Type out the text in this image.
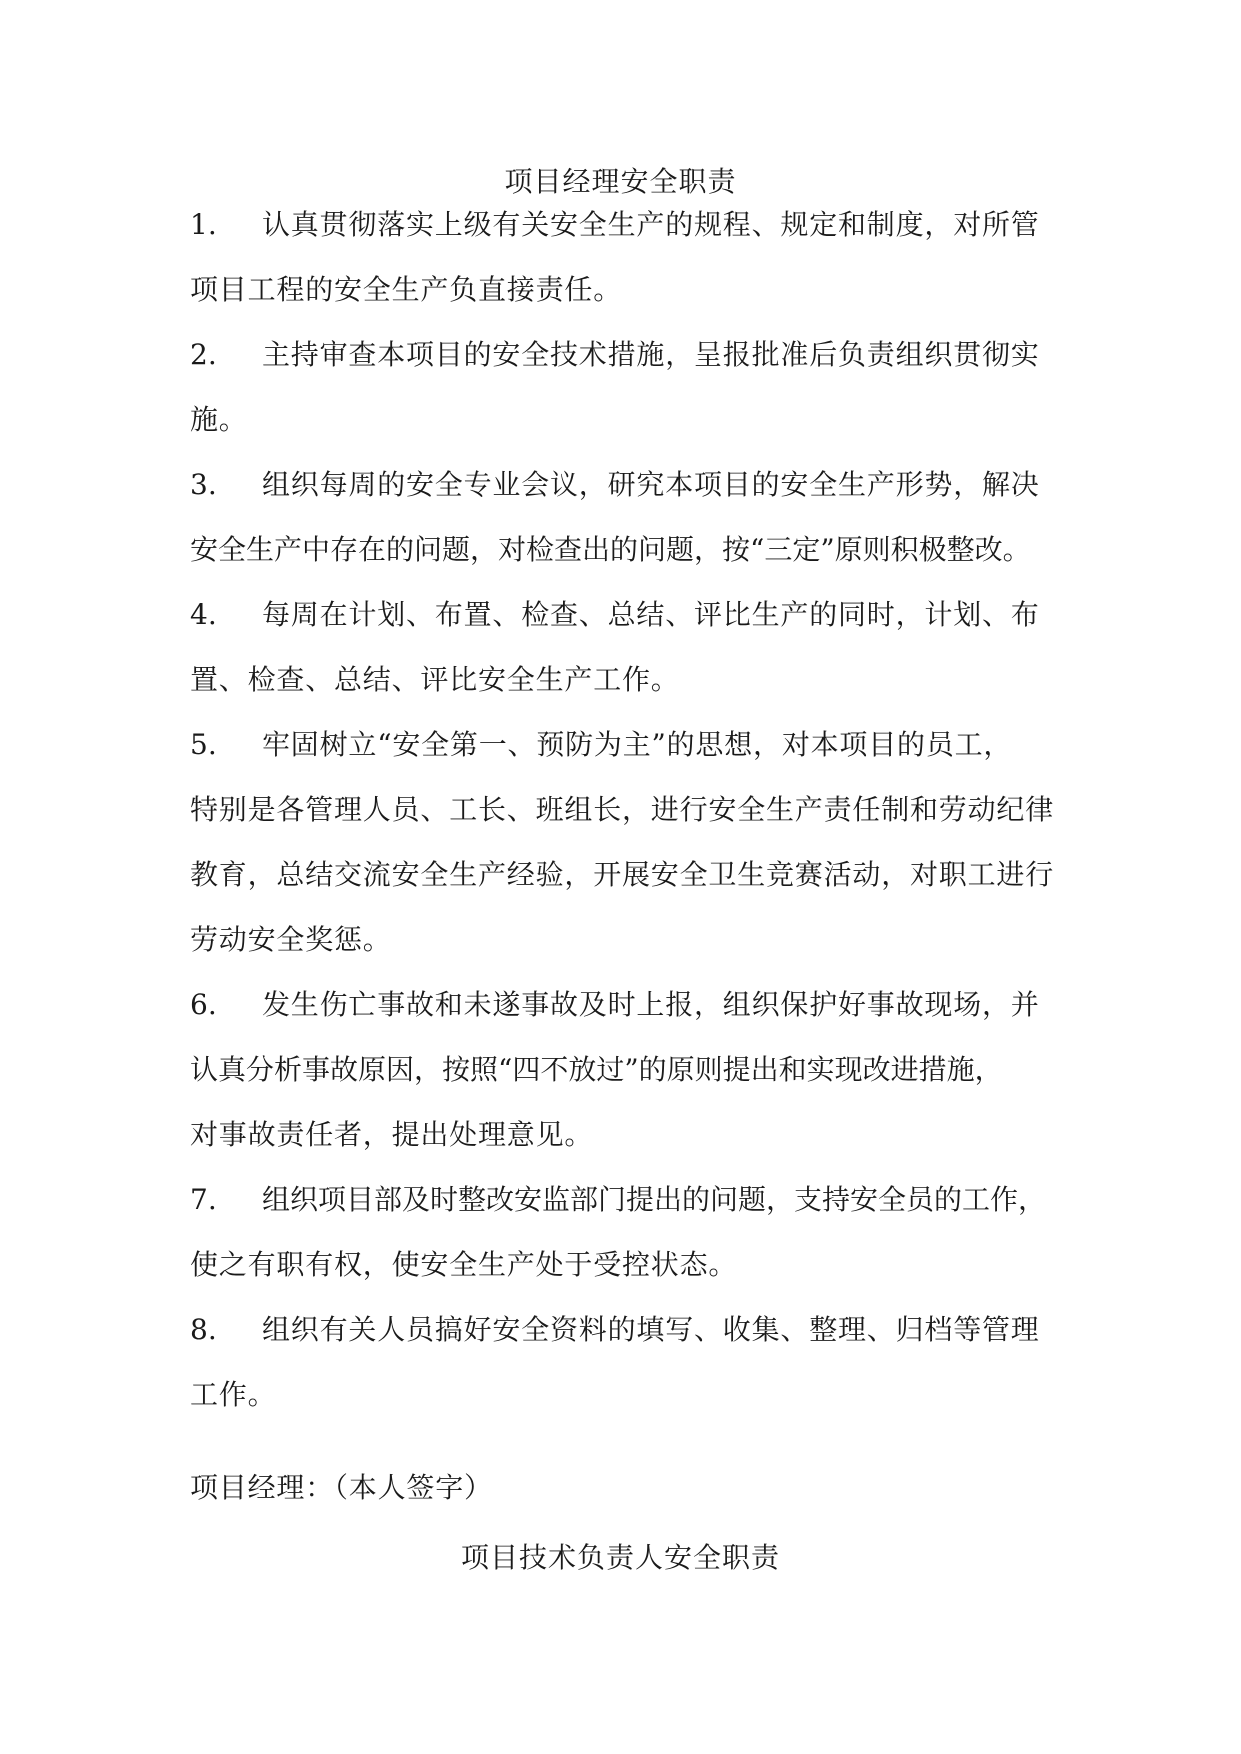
项目经理安全职责
1.	认真贯彻落实上级有关安全生产的规程、规定和制度，对所管
项目工程的安全生产负直接责任。
2.	主持审查本项目的安全技术措施，呈报批准后负责组织贯彻实
施。
3.	组织每周的安全专业会议，研究本项目的安全生产形势，解决
安全生产中存在的问题，对检查出的问题，按“三定”原则积极整改。
4.	每周在计划、布置、检查、总结、评比生产的同时，计划、布
置、检查、总结、评比安全生产工作。
5.	牢固树立“安全第一、预防为主”的思想，对本项目的员工，
特别是各管理人员、工长、班组长，进行安全生产责任制和劳动纪律
教育，总结交流安全生产经验，开展安全卫生竞赛活动，对职工进行
劳动安全奖惩。
6.	发生伤亡事故和未遂事故及时上报，组织保护好事故现场，并
认真分析事故原因，按照“四不放过”的原则提出和实现改进措施，
对事故责任者，提出处理意见。
7.	组织项目部及时整改安监部门提出的问题，支持安全员的工作，
使之有职有权，使安全生产处于受控状态。
8.	组织有关人员搞好安全资料的填写、收集、整理、归档等管理
工作。
项目经理：（本人签字）
项目技术负责人安全职责
